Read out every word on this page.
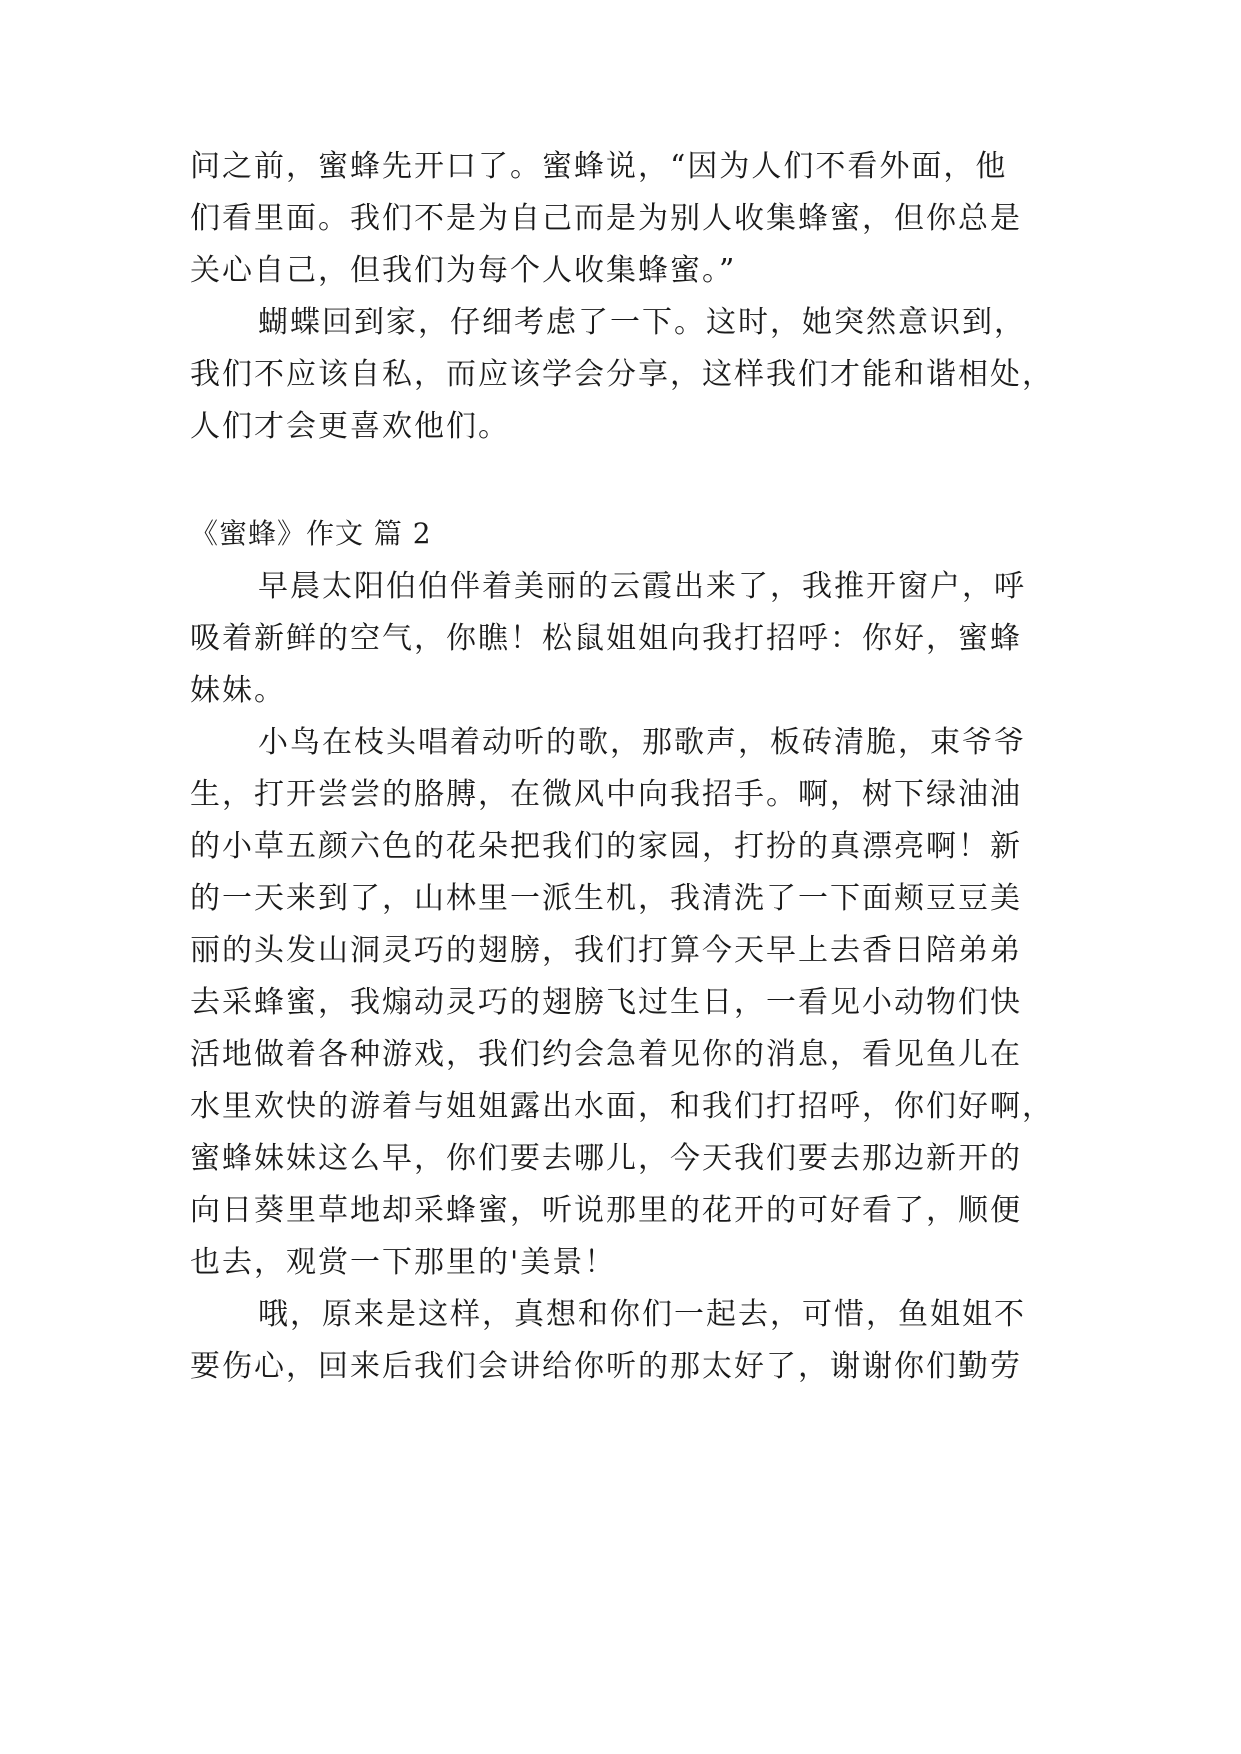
问之前，蜜蜂先开口了。蜜蜂说，“因为人们不看外面，他
们看里面。我们不是为自己而是为别人收集蜂蜜，但你总是
关心自己，但我们为每个人收集蜂蜜。”
蝴蝶回到家，仔细考虑了一下。这时，她突然意识到，
我们不应该自私，而应该学会分享，这样我们才能和谐相处，
人们才会更喜欢他们。
《蜜蜂》作文 篇 2
早晨太阳伯伯伴着美丽的云霞出来了，我推开窗户，呼
吸着新鲜的空气，你瞧！松鼠姐姐向我打招呼：你好，蜜蜂
妹妹。
小鸟在枝头唱着动听的歌，那歌声，板砖清脆，束爷爷
生，打开尝尝的胳膊，在微风中向我招手。啊，树下绿油油
的小草五颜六色的花朵把我们的家园，打扮的真漂亮啊！新
的一天来到了，山林里一派生机，我清洗了一下面颊豆豆美
丽的头发山洞灵巧的翅膀，我们打算今天早上去香日陪弟弟
去采蜂蜜，我煽动灵巧的翅膀飞过生日，一看见小动物们快
活地做着各种游戏，我们约会急着见你的消息，看见鱼儿在
水里欢快的游着与姐姐露出水面，和我们打招呼，你们好啊，
蜜蜂妹妹这么早，你们要去哪儿，今天我们要去那边新开的
向日葵里草地却采蜂蜜，听说那里的花开的可好看了，顺便
也去，观赏一下那里的'美景！
哦，原来是这样，真想和你们一起去，可惜，鱼姐姐不
要伤心，回来后我们会讲给你听的那太好了，谢谢你们勤劳
